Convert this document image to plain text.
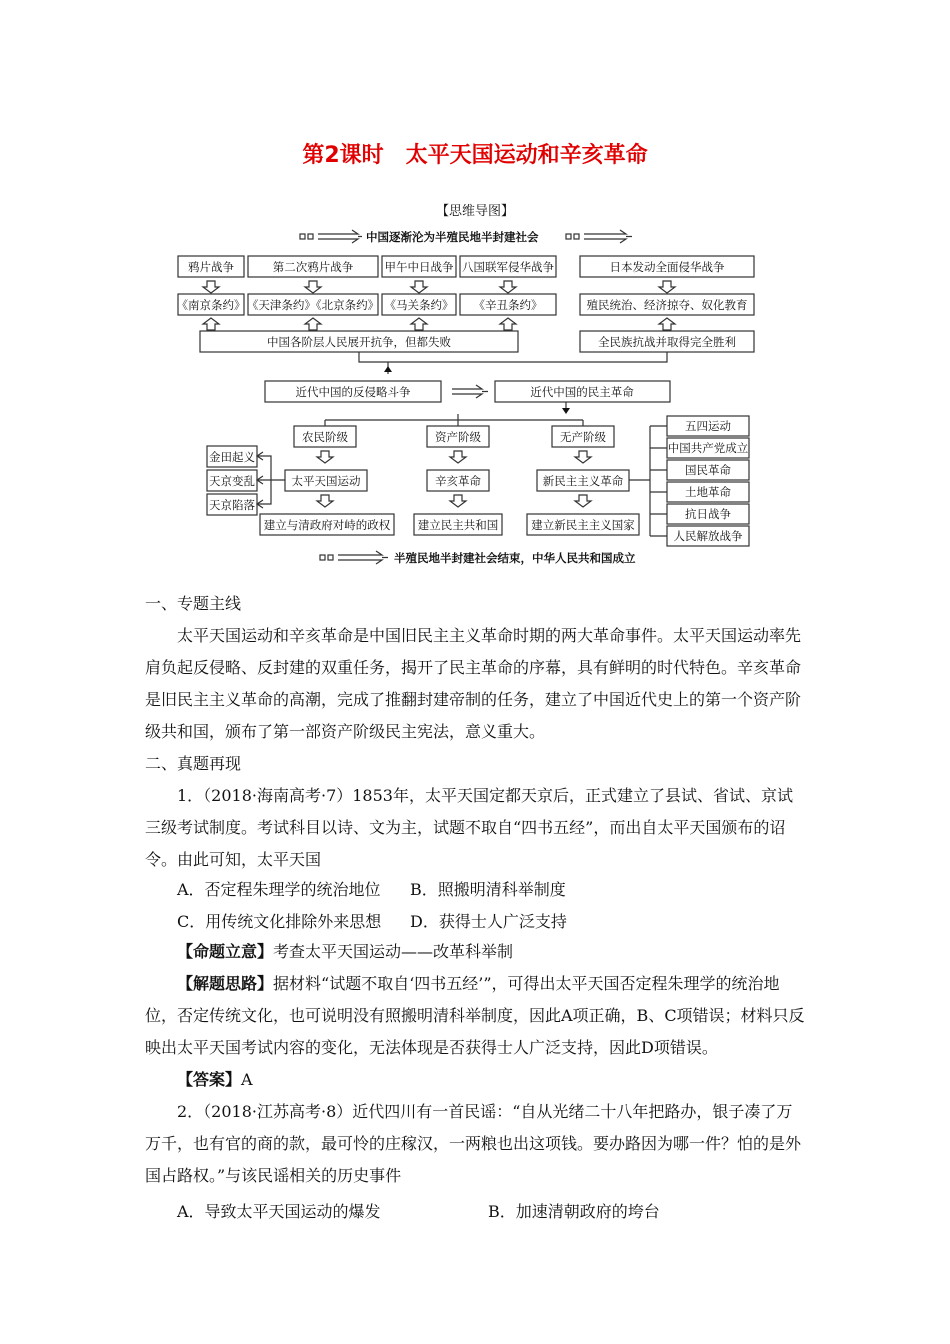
第2课时　太平天国运动和辛亥革命
【思维导图】
中国逐渐沦为半殖民地半封建社会
鸦片战争	第二次鸦片战争	甲午中日战争 八国联军侵华战争	日本发动全面侵华战争
《南京条约》 《天津条约》《北京条约》 《马关条约》 《辛丑条约》	殖民统治、经济掠夺、奴化教育
中国各阶层人民展开抗争，但都失败	全民族抗战并取得完全胜利
近代中国的反侵略斗争	近代中国的民主革命
农民阶级	资产阶级	无产阶级
太平天国运动	辛亥革命	新民主主义革命
金田起义
天京变乱
天京陷落
建立与清政府对峙的政权 建立民主共和国	建立新民主主义国家
五四运动
中国共产党成立
国民革命
土地革命
抗日战争
人民解放战争
半殖民地半封建社会结束，中华人民共和国成立

一、专题主线

太平天国运动和辛亥革命是中国旧民主主义革命时期的两大革命事件。太平天国运动率先肩负起反侵略、反封建的双重任务，揭开了民主革命的序幕，具有鲜明的时代特色。辛亥革命是旧民主主义革命的高潮，完成了推翻封建帝制的任务，建立了中国近代史上的第一个资产阶级共和国，颁布了第一部资产阶级民主宪法，意义重大。

二、真题再现

1．（2018·海南高考·7）1853年，太平天国定都天京后，正式建立了县试、省试、京试三级考试制度。考试科目以诗、文为主，试题不取自“四书五经”，而出自太平天国颁布的诏令。由此可知，太平天国

A．否定程朱理学的统治地位 B．照搬明清科举制度
C．用传统文化排除外来思想 D．获得士人广泛支持

【命题立意】考查太平天国运动——改革科举制

【解题思路】据材料“试题不取自‘四书五经’”，可得出太平天国否定程朱理学的统治地位，否定传统文化，也可说明没有照搬明清科举制度，因此A项正确，B、C项错误；材料只反映出太平天国考试内容的变化，无法体现是否获得士人广泛支持，因此D项错误。

【答案】A

2．（2018·江苏高考·8）近代四川有一首民谣：“自从光绪二十八年把路办，银子凑了万万千，也有官的商的款，最可怜的庄稼汉，一两粮也出这项钱。要办路因为哪一件？怕的是外国占路权。”与该民谣相关的历史事件

A．导致太平天国运动的爆发	B．加速清朝政府的垮台
